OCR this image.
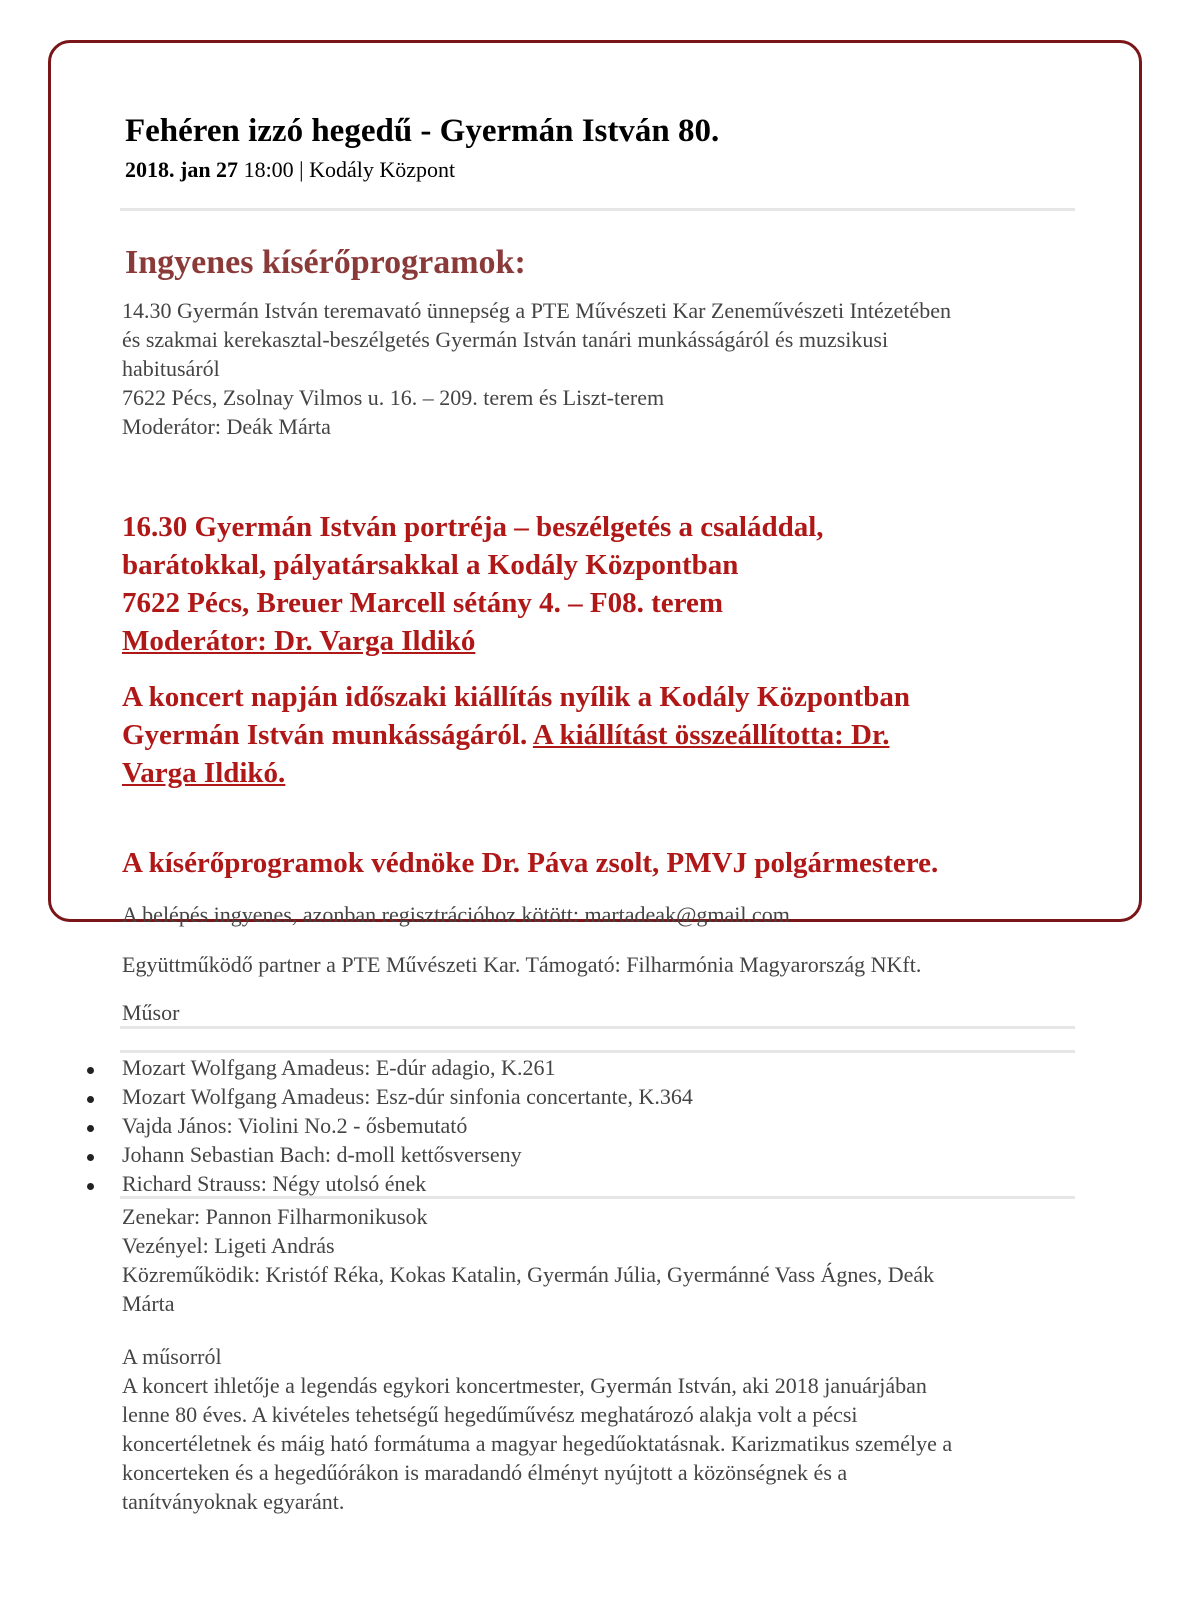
Fehéren izzó hegedű - Gyermán István 80.
2018. jan 27 18:00 | Kodály Központ
Ingyenes kísérőprogramok:
14.30 Gyermán István teremavató ünnepség a PTE Művészeti Kar Zeneművészeti Intézetében
és szakmai kerekasztal-beszélgetés Gyermán István tanári munkásságáról és muzsikusi
habitusáról
7622 Pécs, Zsolnay Vilmos u. 16. – 209. terem és Liszt-terem
Moderátor: Deák Márta
16.30 Gyermán István portréja – beszélgetés a családdal,
barátokkal, pályatársakkal a Kodály Központban
7622 Pécs, Breuer Marcell sétány 4. – F08. terem
Moderátor: Dr. Varga Ildikó
A koncert napján időszaki kiállítás nyílik a Kodály Központban
Gyermán István munkásságáról. A kiállítást összeállította: Dr.
Varga Ildikó.
A kísérőprogramok védnöke Dr. Páva zsolt, PMVJ polgármestere.
A belépés ingyenes, azonban regisztrációhoz kötött: martadeak@gmail.com
Együttműködő partner a PTE Művészeti Kar. Támogató: Filharmónia Magyarország NKft.
Műsor
Mozart Wolfgang Amadeus: E-dúr adagio, K.261
Mozart Wolfgang Amadeus: Esz-dúr sinfonia concertante, K.364
Vajda János: Violini No.2 - ősbemutató
Johann Sebastian Bach: d-moll kettősverseny
Richard Strauss: Négy utolsó ének
Zenekar: Pannon Filharmonikusok
Vezényel: Ligeti András
Közreműködik: Kristóf Réka, Kokas Katalin, Gyermán Júlia, Gyermánné Vass Ágnes, Deák
Márta
A műsorról
A koncert ihletője a legendás egykori koncertmester, Gyermán István, aki 2018 januárjában
lenne 80 éves. A kivételes tehetségű hegedűművész meghatározó alakja volt a pécsi
koncertéletnek és máig ható formátuma a magyar hegedűoktatásnak. Karizmatikus személye a
koncerteken és a hegedűórákon is maradandó élményt nyújtott a közönségnek és a
tanítványoknak egyaránt.
